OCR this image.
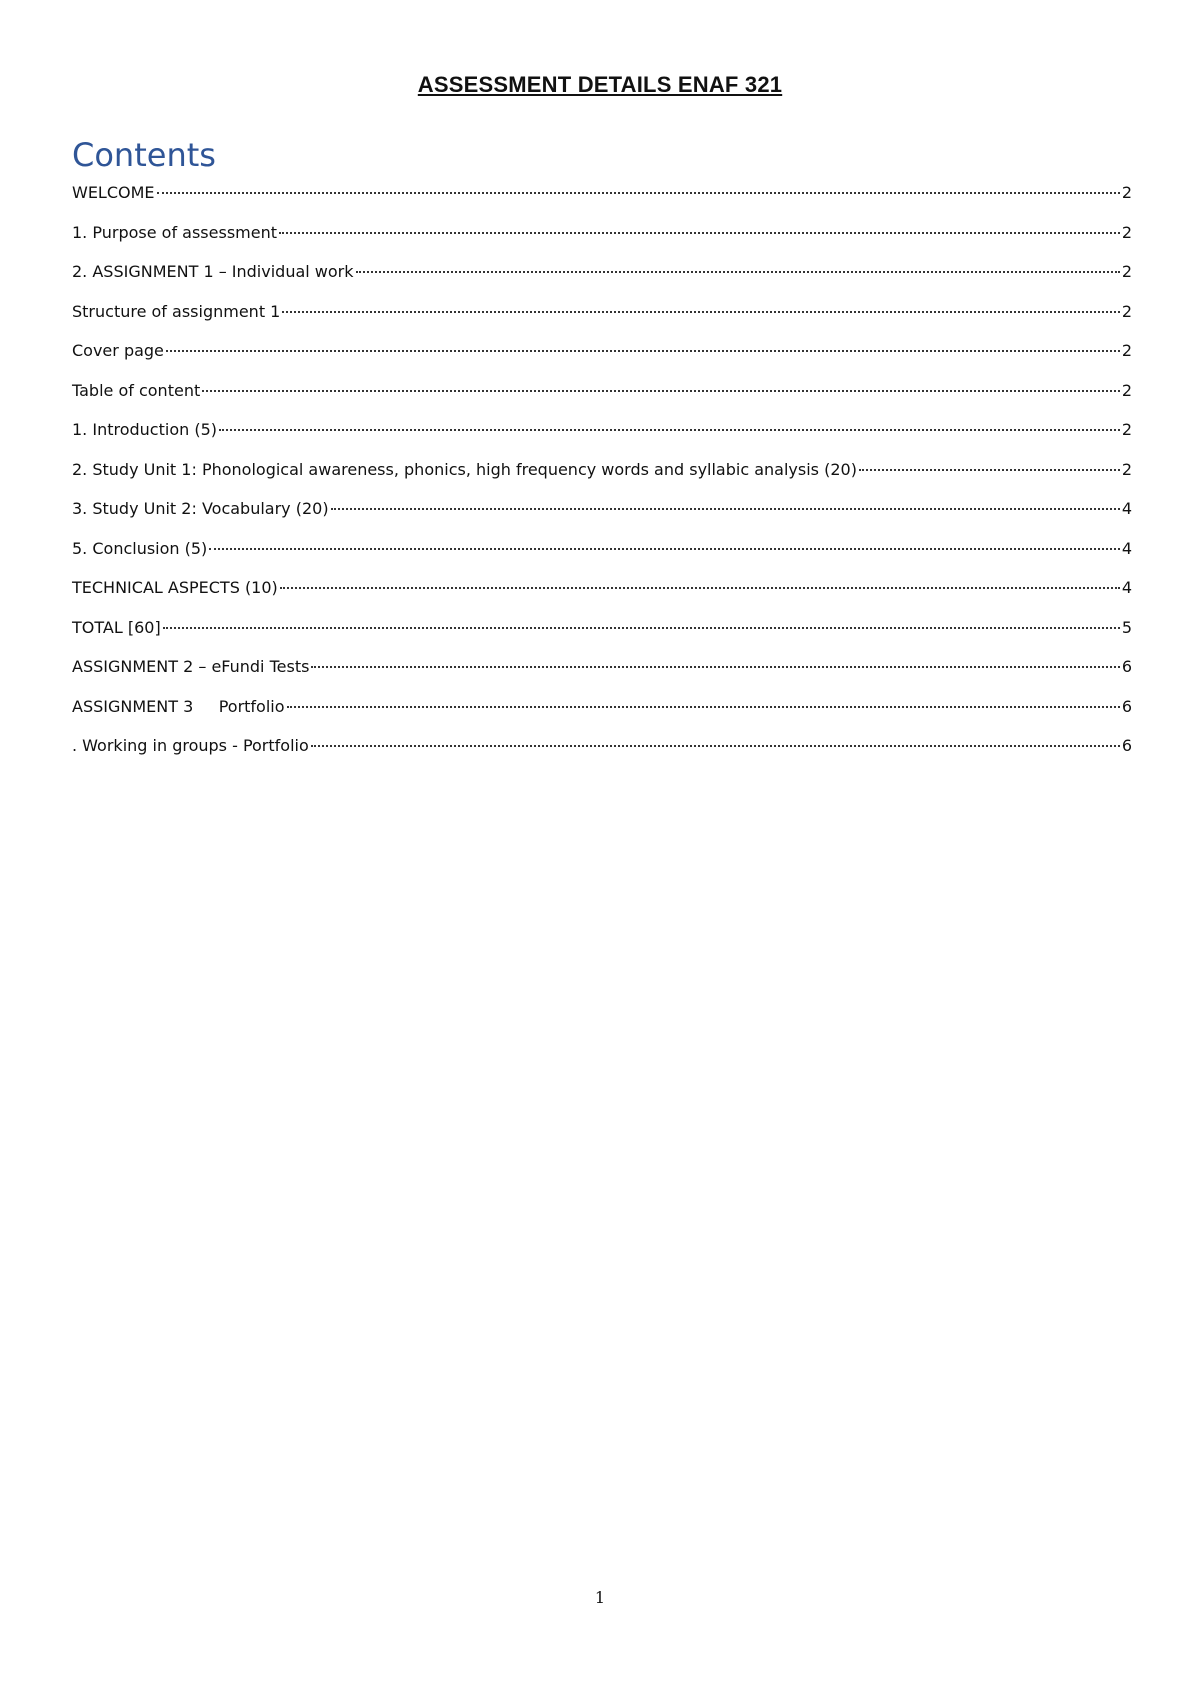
ASSESSMENT DETAILS ENAF 321
Contents
WELCOME	2
1. Purpose of assessment	2
2. ASSIGNMENT 1 – Individual work	2
Structure of assignment 1	2
Cover page	2
Table of content	2
1. Introduction (5)	2
2. Study Unit 1: Phonological awareness, phonics, high frequency words and syllabic analysis (20)	2
3. Study Unit 2: Vocabulary (20)	4
5. Conclusion (5)	4
TECHNICAL ASPECTS (10)	4
TOTAL [60]	5
ASSIGNMENT 2 – eFundi Tests	6
ASSIGNMENT 3     Portfolio	6
. Working in groups - Portfolio	6
1
